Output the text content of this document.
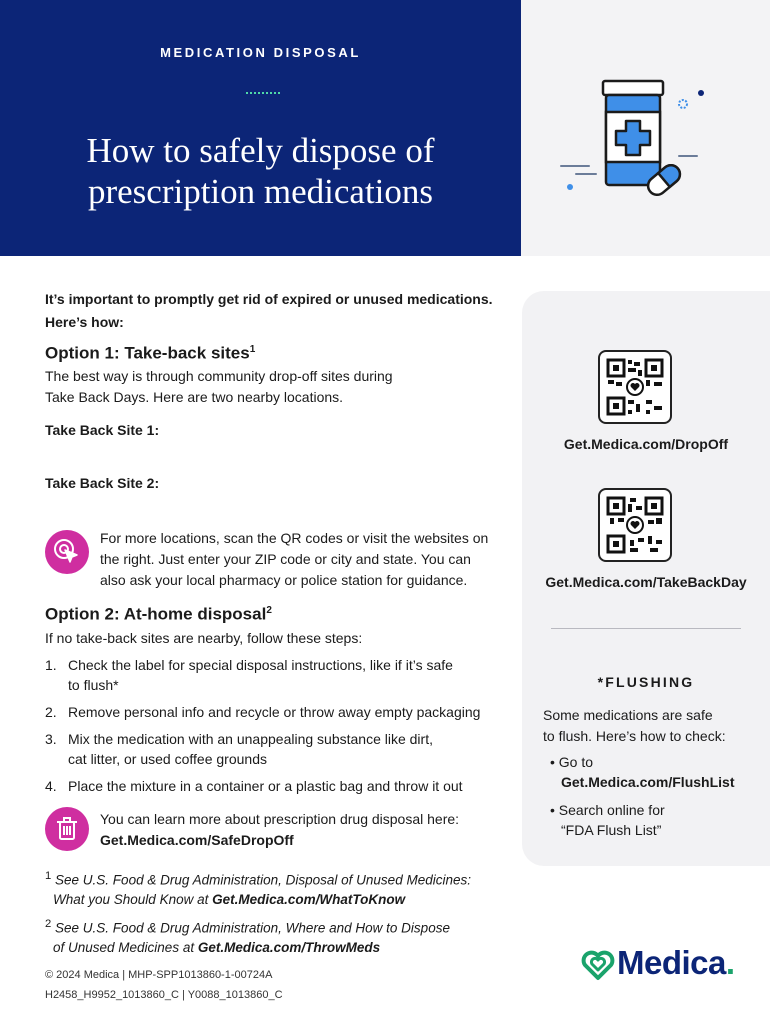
MEDICATION DISPOSAL
How to safely dispose of
prescription medications
Get.Medica.com/DropOff
Get.Medica.com/TakeBackDay
*FLUSHING
Some medications are safe
to flush. Here’s how to check:
• Go to
Get.Medica.com/FlushList
• Search online for
“FDA Flush List”
It’s important to promptly get rid of expired or unused medications.
Here’s how:
Option 1: Take-back sites$^1$
The best way is through community drop-off sites during
Take Back Days. Here are two nearby locations.
Take Back Site 1:
Take Back Site 2:
For more locations, scan the QR codes or visit the websites on
the right. Just enter your ZIP code or city and state. You can
also ask your local pharmacy or police station for guidance.
Option 2: At-home disposal$^2$
If no take-back sites are nearby, follow these steps:
1. Check the label for special disposal instructions, like if it’s safe
to flush*
2. Remove personal info and recycle or throw away empty packaging
3. Mix the medication with an unappealing substance like dirt,
cat litter, or used coffee grounds
4. Place the mixture in a container or a plastic bag and throw it out
You can learn more about prescription drug disposal here:
Get.Medica.com/SafeDropOff
$^1$ See U.S. Food & Drug Administration, Disposal of Unused Medicines:
What you Should Know at Get.Medica.com/WhatToKnow
$^2$ See U.S. Food & Drug Administration, Where and How to Dispose
of Unused Medicines at Get.Medica.com/ThrowMeds
© 2024 Medica | MHP-SPP1013860-1-00724A
H2458_H9952_1013860_C | Y0088_1013860_C
Medica.
